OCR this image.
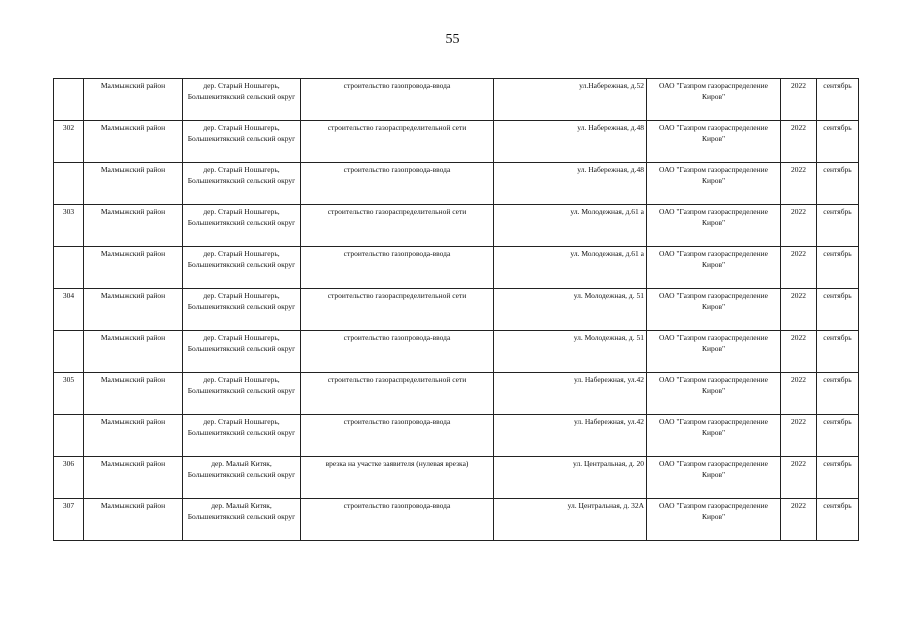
55
	Малмыжский район	дер. Старый Ношыгерь, Большекитякский сельский округ	строительство газопровода-ввода	ул.Набережная, д.52	ОАО "Газпром газораспределение Киров"	2022	сентябрь
302	Малмыжский район	дер. Старый Ношыгерь, Большекитякский сельский округ	строительство газораспределительной сети	ул. Набережная, д.48	ОАО "Газпром газораспределение Киров"	2022	сентябрь
	Малмыжский район	дер. Старый Ношыгерь, Большекитякский сельский округ	строительство газопровода-ввода	ул. Набережная, д.48	ОАО "Газпром газораспределение Киров"	2022	сентябрь
303	Малмыжский район	дер. Старый Ношыгерь, Большекитякский сельский округ	строительство газораспределительной сети	ул. Молодежная, д.61 а	ОАО "Газпром газораспределение Киров"	2022	сентябрь
	Малмыжский район	дер. Старый Ношыгерь, Большекитякский сельский округ	строительство газопровода-ввода	ул. Молодежная, д.61 а	ОАО "Газпром газораспределение Киров"	2022	сентябрь
304	Малмыжский район	дер. Старый Ношыгерь, Большекитякский сельский округ	строительство газораспределительной сети	ул. Молодежная, д. 51	ОАО "Газпром газораспределение Киров"	2022	сентябрь
	Малмыжский район	дер. Старый Ношыгерь, Большекитякский сельский округ	строительство газопровода-ввода	ул. Молодежная, д. 51	ОАО "Газпром газораспределение Киров"	2022	сентябрь
305	Малмыжский район	дер. Старый Ношыгерь, Большекитякский сельский округ	строительство газораспределительной сети	ул. Набережная, ул.42	ОАО "Газпром газораспределение Киров"	2022	сентябрь
	Малмыжский район	дер. Старый Ношыгерь, Большекитякский сельский округ	строительство газопровода-ввода	ул. Набережная, ул.42	ОАО "Газпром газораспределение Киров"	2022	сентябрь
306	Малмыжский район	дер. Малый Китяк, Большекитякский сельский округ	врезка на участке заявителя (нулевая врезка)	ул. Центральная, д. 20	ОАО "Газпром газораспределение Киров"	2022	сентябрь
307	Малмыжский район	дер. Малый Китяк, Большекитякский сельский округ	строительство газопровода-ввода	ул. Центральная, д. 32А	ОАО "Газпром газораспределение Киров"	2022	сентябрь
